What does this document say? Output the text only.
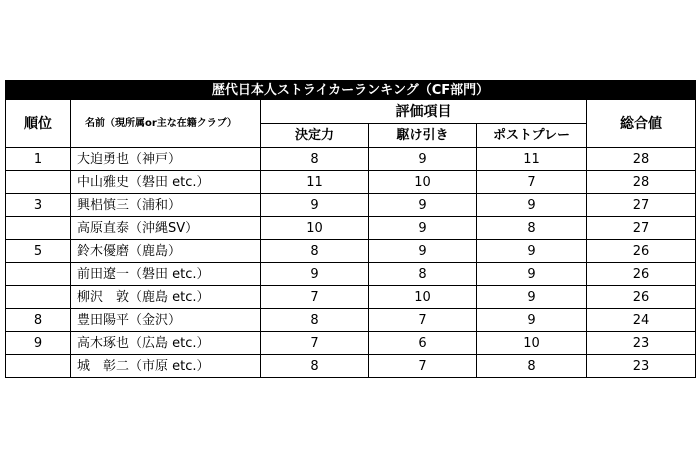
歴代日本人ストライカーランキング（CF部門）					
順位	名前（現所属or主な在籍クラブ）	評価項目			総合値
		決定力	駆け引き	ポストプレー	
1	大迫勇也（神戸）	8	9	11	28
	中山雅史（磐田 etc.）	11	10	7	28
3	興梠慎三（浦和）	9	9	9	27
	高原直泰（沖縄SV）	10	9	8	27
5	鈴木優磨（鹿島）	8	9	9	26
	前田遼一（磐田 etc.）	9	8	9	26
	柳沢　敦（鹿島 etc.）	7	10	9	26
8	豊田陽平（金沢）	8	7	9	24
9	高木琢也（広島 etc.）	7	6	10	23
	城　彰二（市原 etc.）	8	7	8	23
